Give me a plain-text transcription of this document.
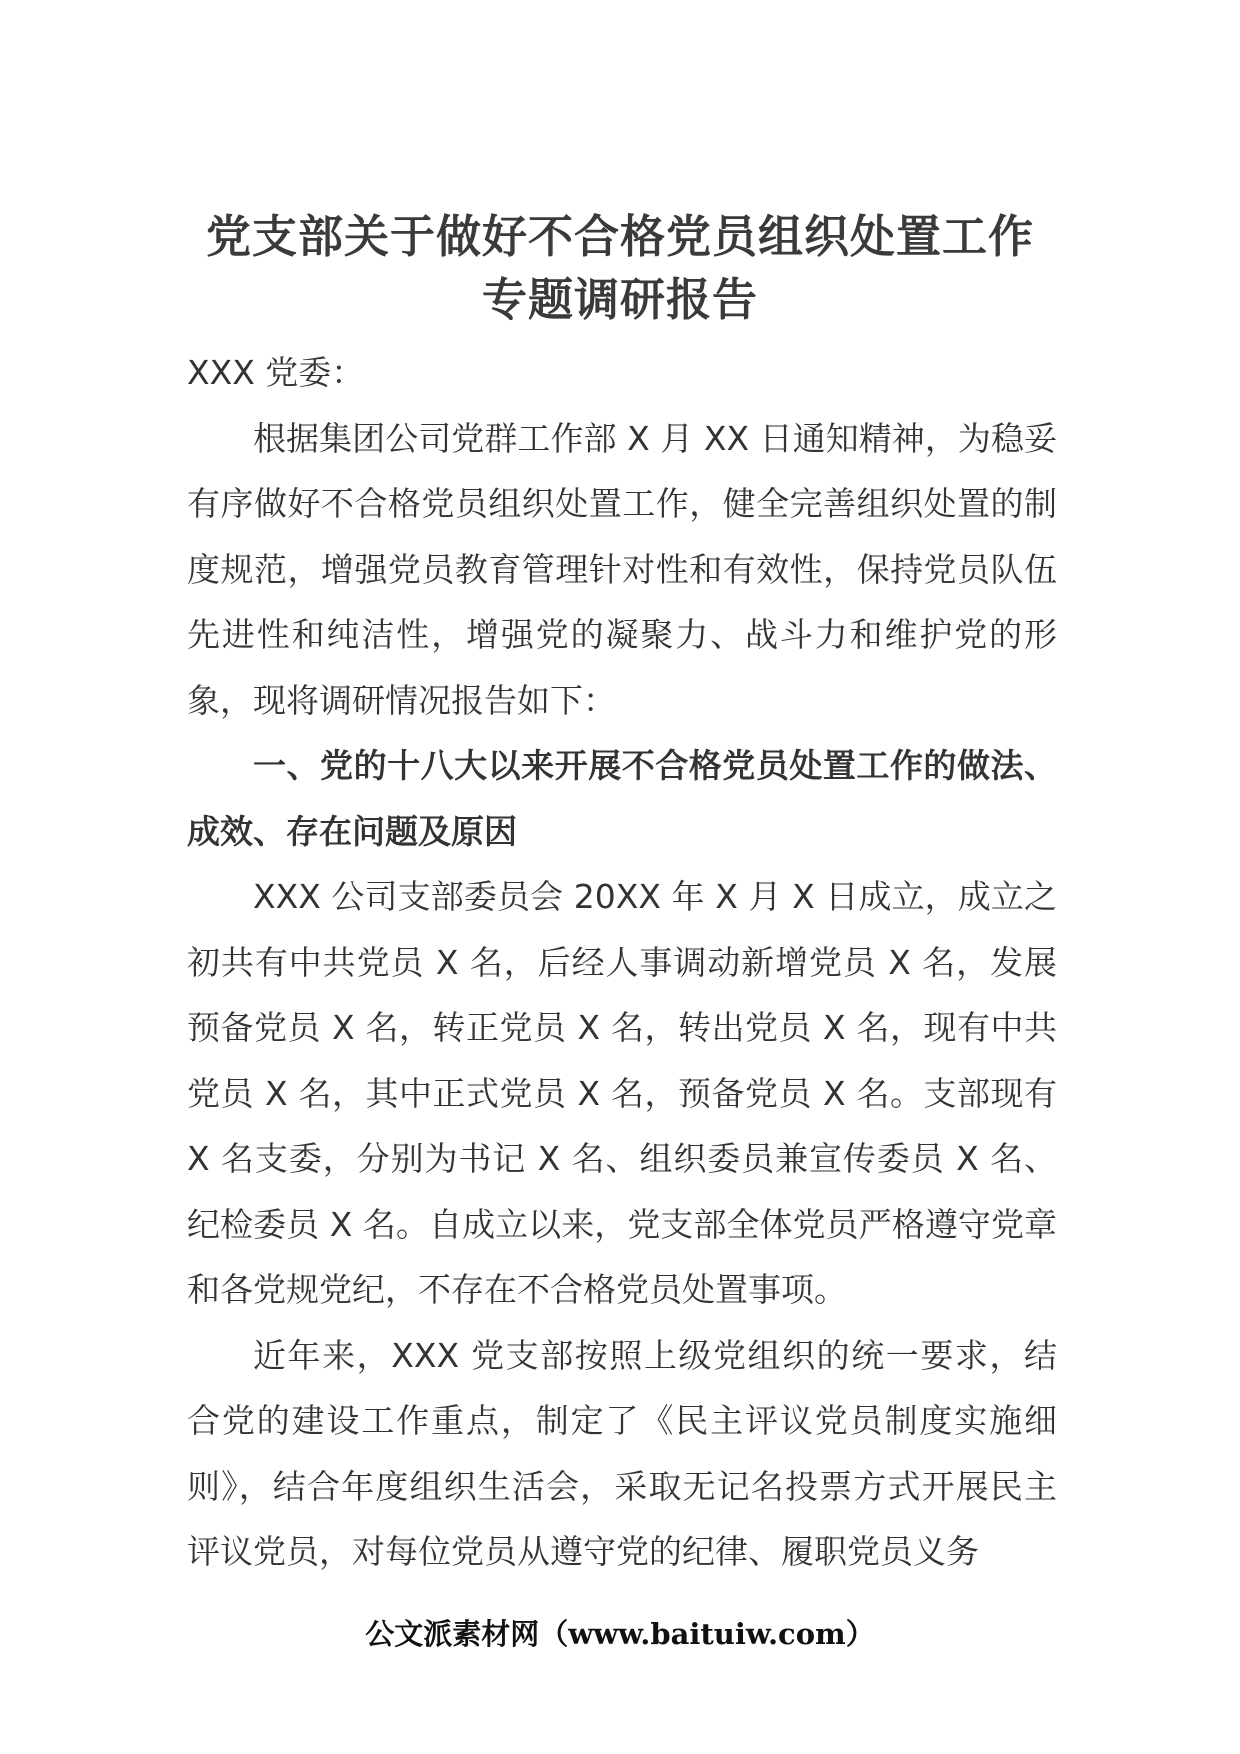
党支部关于做好不合格党员组织处置工作
专题调研报告

XXX 党委：

根据集团公司党群工作部 X 月 XX 日通知精神，为稳妥有序做好不合格党员组织处置工作，健全完善组织处置的制度规范，增强党员教育管理针对性和有效性，保持党员队伍先进性和纯洁性，增强党的凝聚力、战斗力和维护党的形象，现将调研情况报告如下：

一、党的十八大以来开展不合格党员处置工作的做法、成效、存在问题及原因

XXX 公司支部委员会 20XX 年 X 月 X 日成立，成立之初共有中共党员 X 名，后经人事调动新增党员 X 名，发展预备党员 X 名，转正党员 X 名，转出党员 X 名，现有中共党员 X 名，其中正式党员 X 名，预备党员 X 名。支部现有 X 名支委，分别为书记 X 名、组织委员兼宣传委员 X 名、纪检委员 X 名。自成立以来，党支部全体党员严格遵守党章和各党规党纪，不存在不合格党员处置事项。

近年来，XXX 党支部按照上级党组织的统一要求，结合党的建设工作重点，制定了《民主评议党员制度实施细则》，结合年度组织生活会，采取无记名投票方式开展民主评议党员，对每位党员从遵守党的纪律、履职党员义务

公文派素材网（www.baituiw.com）
